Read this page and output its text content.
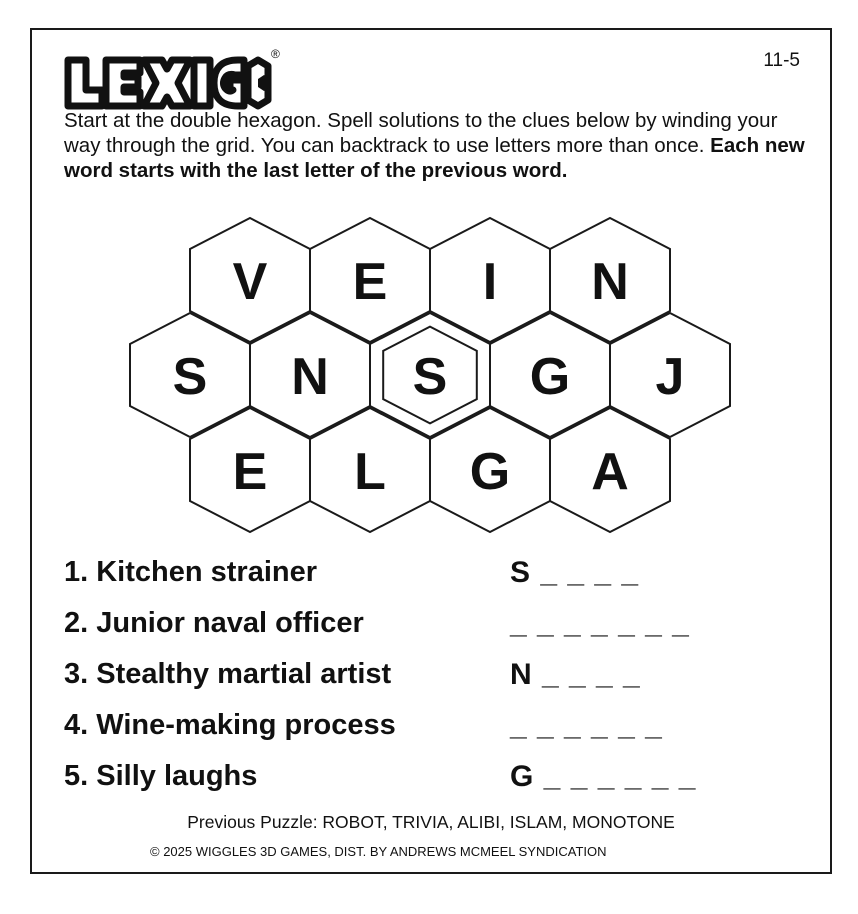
®	11-5
Start at the double hexagon. Spell solutions to the clues below by winding your way through the grid. You can backtrack to use letters more than once. Each new word starts with the last letter of the previous word.
V E I N
S N S G J
E L G A
1. Kitchen strainer	S _ _ _ _
2. Junior naval officer	_ _ _ _ _ _ _
3. Stealthy martial artist	N _ _ _ _
4. Wine-making process	_ _ _ _ _ _
5. Silly laughs	G _ _ _ _ _ _
Previous Puzzle: ROBOT, TRIVIA, ALIBI, ISLAM, MONOTONE
© 2025 WIGGLES 3D GAMES, DIST. BY ANDREWS MCMEEL SYNDICATION
